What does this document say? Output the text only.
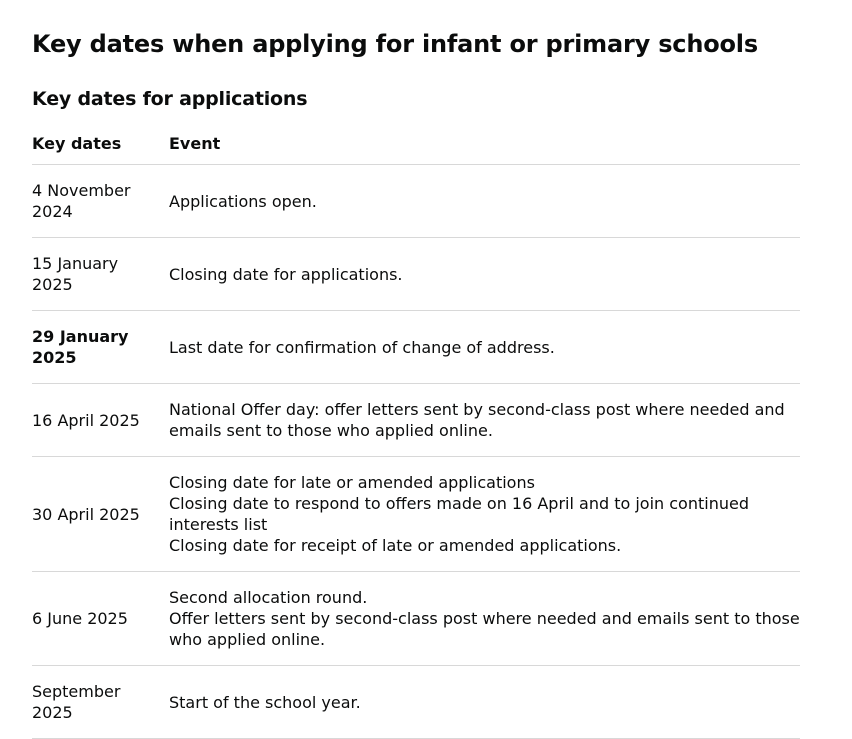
Key dates when applying for infant or primary schools
Key dates for applications
Key dates	Event
4 November 2024	Applications open.

15 January 2025	Closing date for applications.

29 January 2025	Last date for confirmation of change of address.

16 April 2025	National Offer day: offer letters sent by second-class post where needed and emails sent to those who applied online.

30 April 2025	Closing date for late or amended applications
Closing date to respond to offers made on 16 April and to join continued interests list
Closing date for receipt of late or amended applications.

6 June 2025	Second allocation round.
Offer letters sent by second-class post where needed and emails sent to those who applied online.

September 2025	Start of the school year.
